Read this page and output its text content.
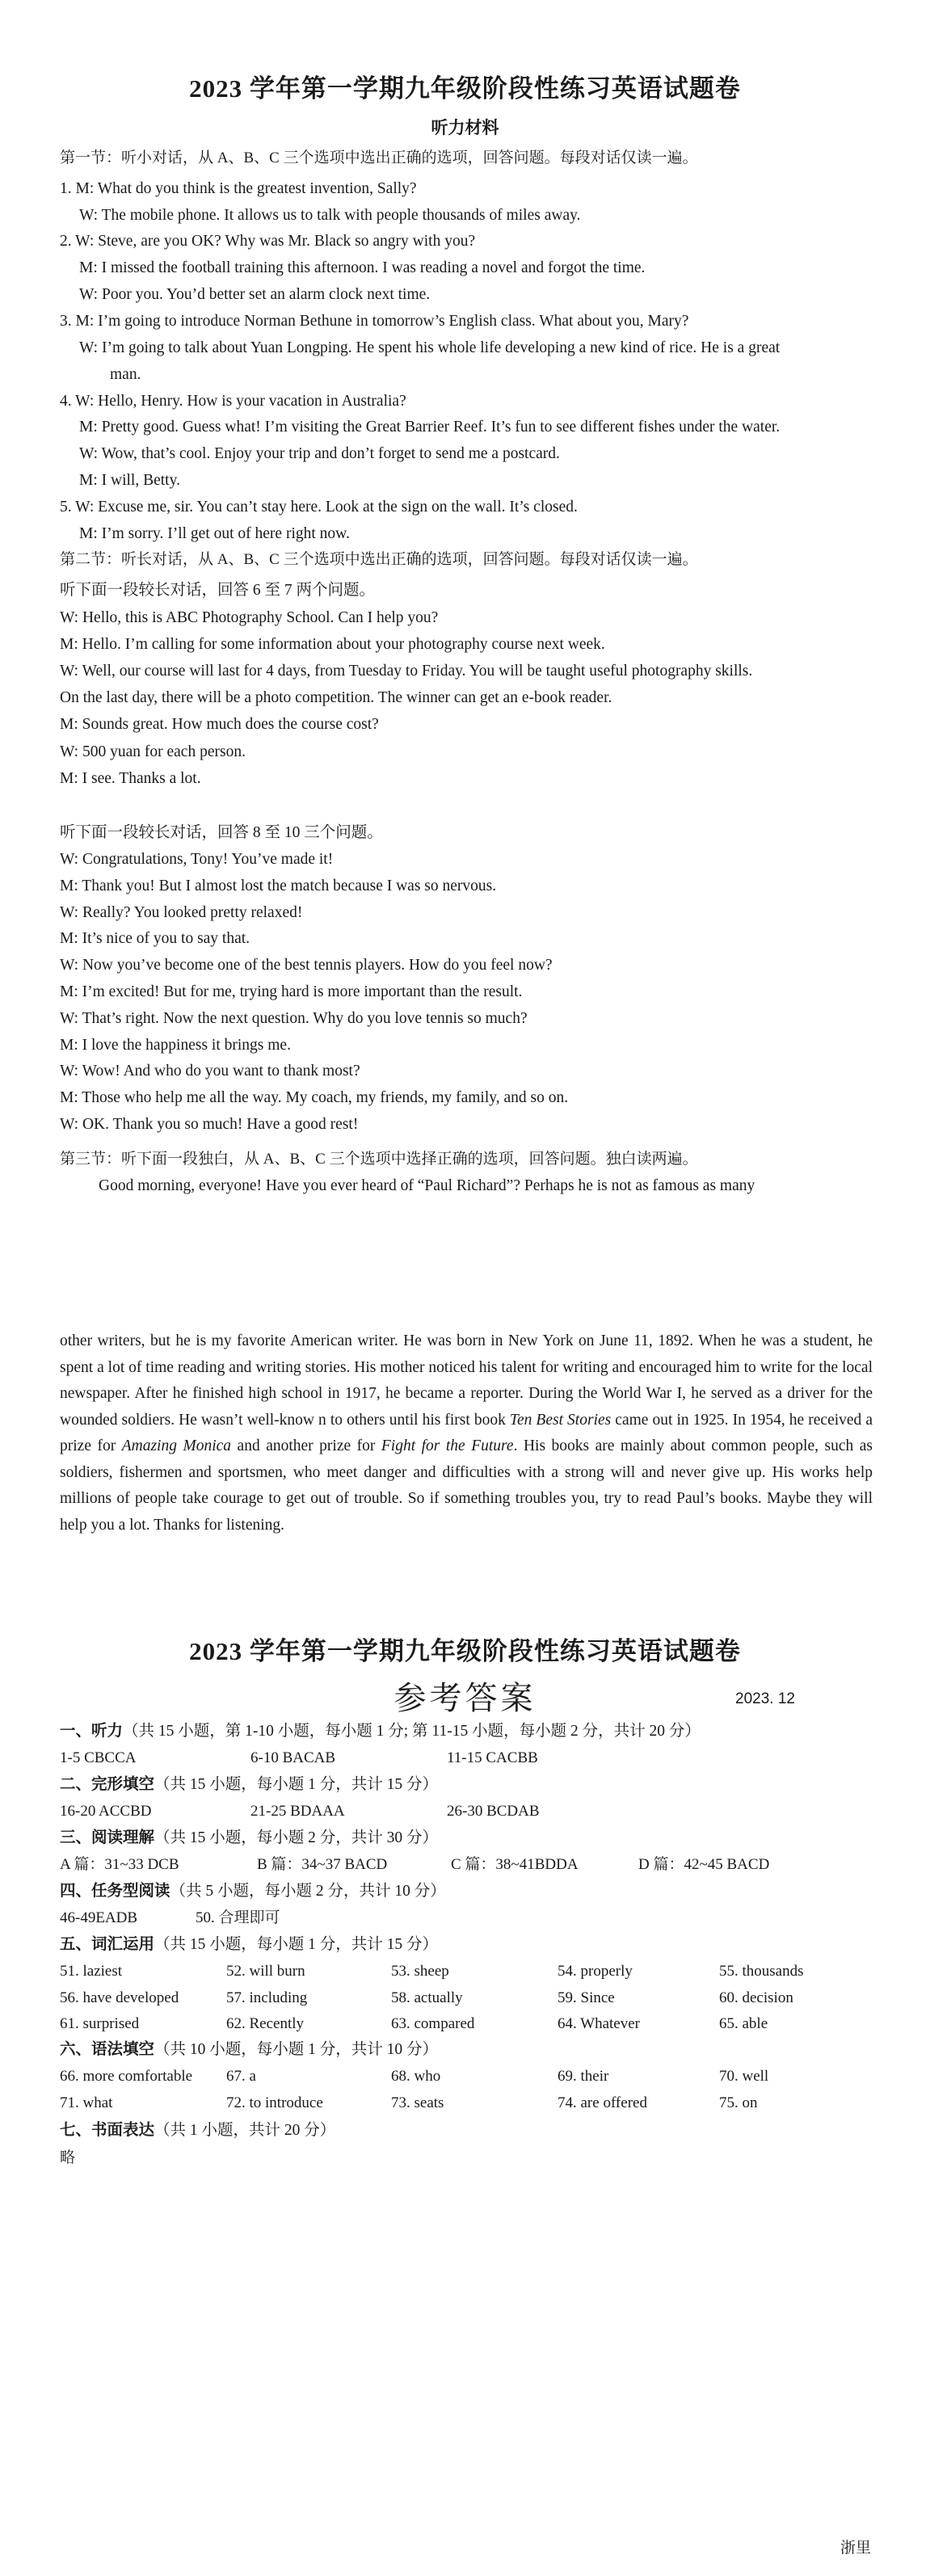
2023 学年第一学期九年级阶段性练习英语试题卷
听力材料
第一节：听小对话，从 A、B、C 三个选项中选出正确的选项，回答问题。每段对话仅读一遍。
1. M: What do you think is the greatest invention, Sally?
W: The mobile phone. It allows us to talk with people thousands of miles away.
2. W: Steve, are you OK? Why was Mr. Black so angry with you?
M: I missed the football training this afternoon. I was reading a novel and forgot the time.
W: Poor you. You’d better set an alarm clock next time.
3. M: I’m going to introduce Norman Bethune in tomorrow’s English class. What about you, Mary?
W: I’m going to talk about Yuan Longping. He spent his whole life developing a new kind of rice. He is a great
man.
4. W: Hello, Henry. How is your vacation in Australia?
M: Pretty good. Guess what! I’m visiting the Great Barrier Reef. It’s fun to see different fishes under the water.
W: Wow, that’s cool. Enjoy your trip and don’t forget to send me a postcard.
M: I will, Betty.
5. W: Excuse me, sir. You can’t stay here. Look at the sign on the wall. It’s closed.
M: I’m sorry. I’ll get out of here right now.
第二节：听长对话，从 A、B、C 三个选项中选出正确的选项，回答问题。每段对话仅读一遍。
听下面一段较长对话，回答 6 至 7 两个问题。
W: Hello, this is ABC Photography School. Can I help you?
M: Hello. I’m calling for some information about your photography course next week.
W: Well, our course will last for 4 days, from Tuesday to Friday. You will be taught useful photography skills.
On the last day, there will be a photo competition. The winner can get an e-book reader.
M: Sounds great. How much does the course cost?
W: 500 yuan for each person.
M: I see. Thanks a lot.
听下面一段较长对话，回答 8 至 10 三个问题。
W: Congratulations, Tony! You’ve made it!
M: Thank you! But I almost lost the match because I was so nervous.
W: Really? You looked pretty relaxed!
M: It’s nice of you to say that.
W: Now you’ve become one of the best tennis players. How do you feel now?
M: I’m excited! But for me, trying hard is more important than the result.
W: That’s right. Now the next question. Why do you love tennis so much?
M: I love the happiness it brings me.
W: Wow! And who do you want to thank most?
M: Those who help me all the way. My coach, my friends, my family, and so on.
W: OK. Thank you so much! Have a good rest!
第三节：听下面一段独白，从 A、B、C 三个选项中选择正确的选项，回答问题。独白读两遍。
Good morning, everyone! Have you ever heard of “Paul Richard”? Perhaps he is not as famous as many
other writers, but he is my favorite American writer. He was born in New York on June 11, 1892. When he was a student, he spent a lot of time reading and writing stories. His mother noticed his talent for writing and encouraged him to write for the local newspaper. After he finished high school in 1917, he became a reporter. During the World War I, he served as a driver for the wounded soldiers. He wasn’t well-know n to others until his first book Ten Best Stories came out in 1925. In 1954, he received a prize for Amazing Monica and another prize for Fight for the Future. His books are mainly about common people, such as soldiers, fishermen and sportsmen, who meet danger and difficulties with a strong will and never give up. His works help millions of people take courage to get out of trouble. So if something troubles you, try to read Paul’s books. Maybe they will help you a lot. Thanks for listening.
2023 学年第一学期九年级阶段性练习英语试题卷
参考答案	2023. 12
一、听力（共 15 小题，第 1-10 小题，每小题 1 分; 第 11-15 小题，每小题 2 分，共计 20 分）
1-5 CBCCA	6-10 BACAB	11-15 CACBB
二、完形填空（共 15 小题，每小题 1 分，共计 15 分）
16-20 ACCBD	21-25 BDAAA	26-30 BCDAB
三、阅读理解（共 15 小题，每小题 2 分，共计 30 分）
A 篇：31~33 DCB	B 篇：34~37 BACD	C 篇：38~41BDDA	D 篇：42~45 BACD
四、任务型阅读（共 5 小题，每小题 2 分，共计 10 分）
46-49EADB	50. 合理即可
五、词汇运用（共 15 小题，每小题 1 分，共计 15 分）
51. laziest	52. will burn	53. sheep	54. properly	55. thousands
56. have developed	57. including	58. actually	59. Since	60. decision
61. surprised	62. Recently	63. compared	64. Whatever	65. able
六、语法填空（共 10 小题，每小题 1 分，共计 10 分）
66. more comfortable 67. a	68. who	69. their	70. well
71. what	72. to introduce	73. seats	74. are offered	75. on
七、书面表达（共 1 小题，共计 20 分）
略
浙里
